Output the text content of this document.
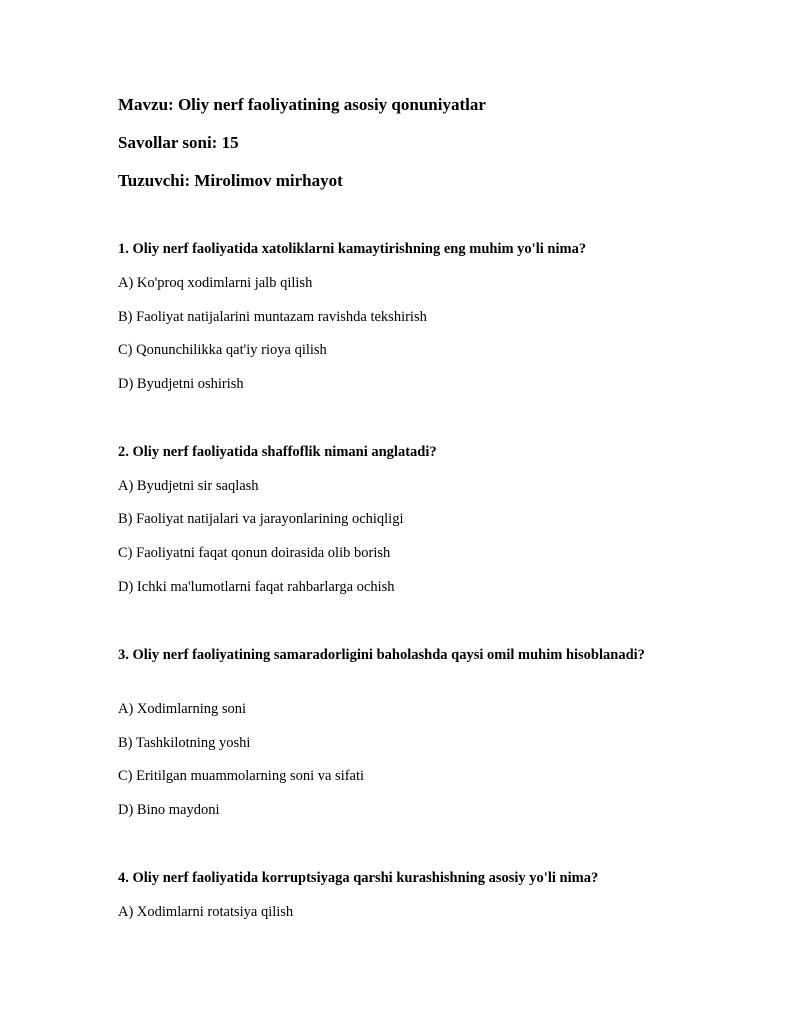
Mavzu: Oliy nerf faoliyatining asosiy qonuniyatlar
Savollar soni: 15
Tuzuvchi: Mirolimov mirhayot
1. Oliy nerf faoliyatida xatoliklarni kamaytirishning eng muhim yo'li nima?
A) Ko'proq xodimlarni jalb qilish
B) Faoliyat natijalarini muntazam ravishda tekshirish
C) Qonunchilikka qat'iy rioya qilish
D) Byudjetni oshirish
2. Oliy nerf faoliyatida shaffoflik nimani anglatadi?
A) Byudjetni sir saqlash
B) Faoliyat natijalari va jarayonlarining ochiqligi
C) Faoliyatni faqat qonun doirasida olib borish
D) Ichki ma'lumotlarni faqat rahbarlarga ochish
3. Oliy nerf faoliyatining samaradorligini baholashda qaysi omil muhim hisoblanadi?
A) Xodimlarning soni
B) Tashkilotning yoshi
C) Eritilgan muammolarning soni va sifati
D) Bino maydoni
4. Oliy nerf faoliyatida korruptsiyaga qarshi kurashishning asosiy yo'li nima?
A) Xodimlarni rotatsiya qilish
